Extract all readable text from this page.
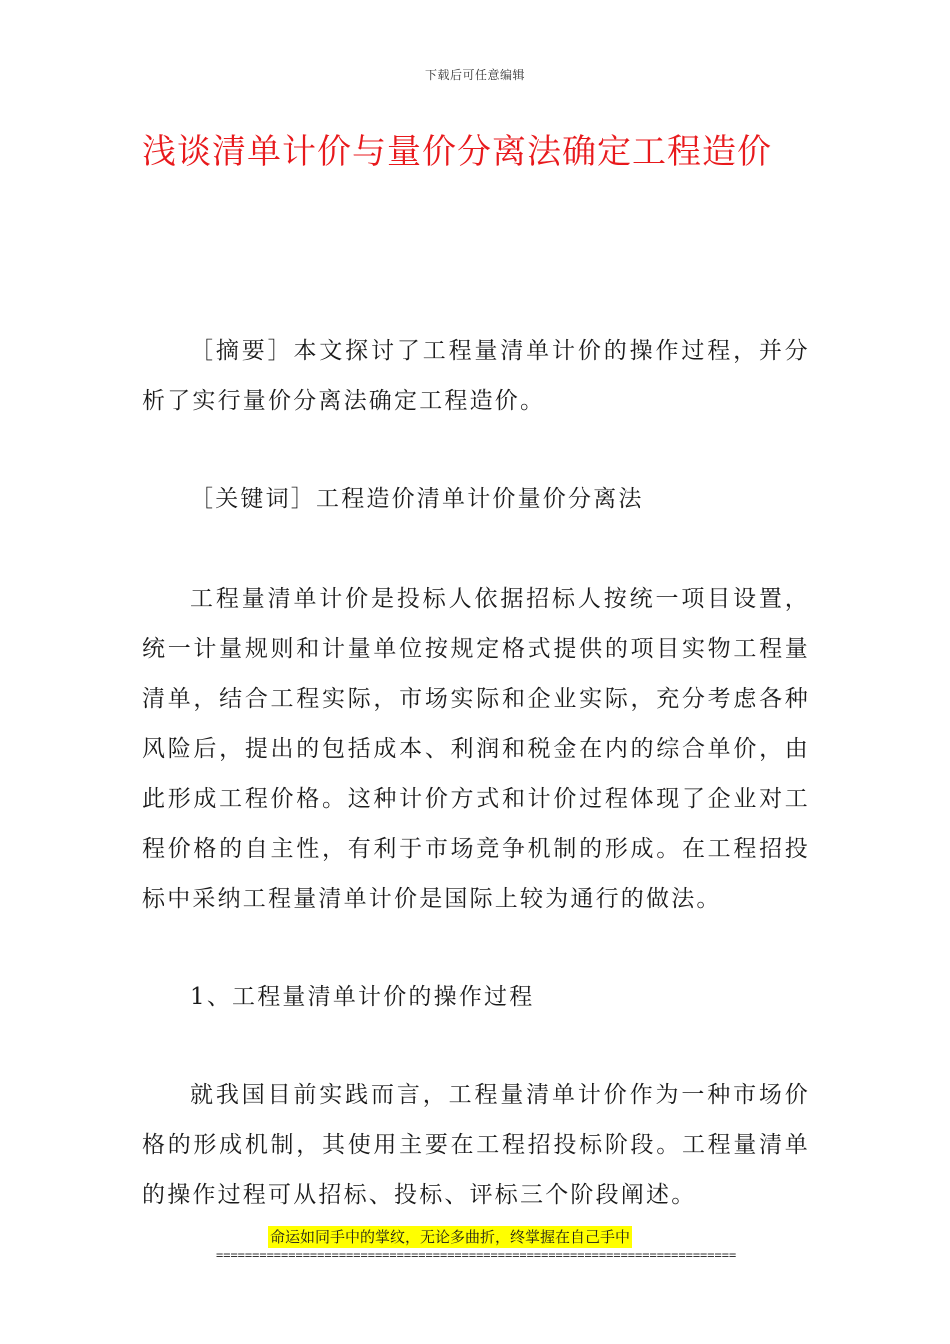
下载后可任意编辑
浅谈清单计价与量价分离法确定工程造价

［摘要］本文探讨了工程量清单计价的操作过程，并分析了实行量价分离法确定工程造价。

［关键词］工程造价清单计价量价分离法

工程量清单计价是投标人依据招标人按统一项目设置，统一计量规则和计量单位按规定格式提供的项目实物工程量清单，结合工程实际，市场实际和企业实际，充分考虑各种风险后，提出的包括成本、利润和税金在内的综合单价，由此形成工程价格。这种计价方式和计价过程体现了企业对工程价格的自主性，有利于市场竞争机制的形成。在工程招投标中采纳工程量清单计价是国际上较为通行的做法。

1、工程量清单计价的操作过程

就我国目前实践而言，工程量清单计价作为一种市场价格的形成机制，其使用主要在工程招投标阶段。工程量清单的操作过程可从招标、投标、评标三个阶段阐述。

命运如同手中的掌纹，无论多曲折，终掌握在自己手中
========================================================================
